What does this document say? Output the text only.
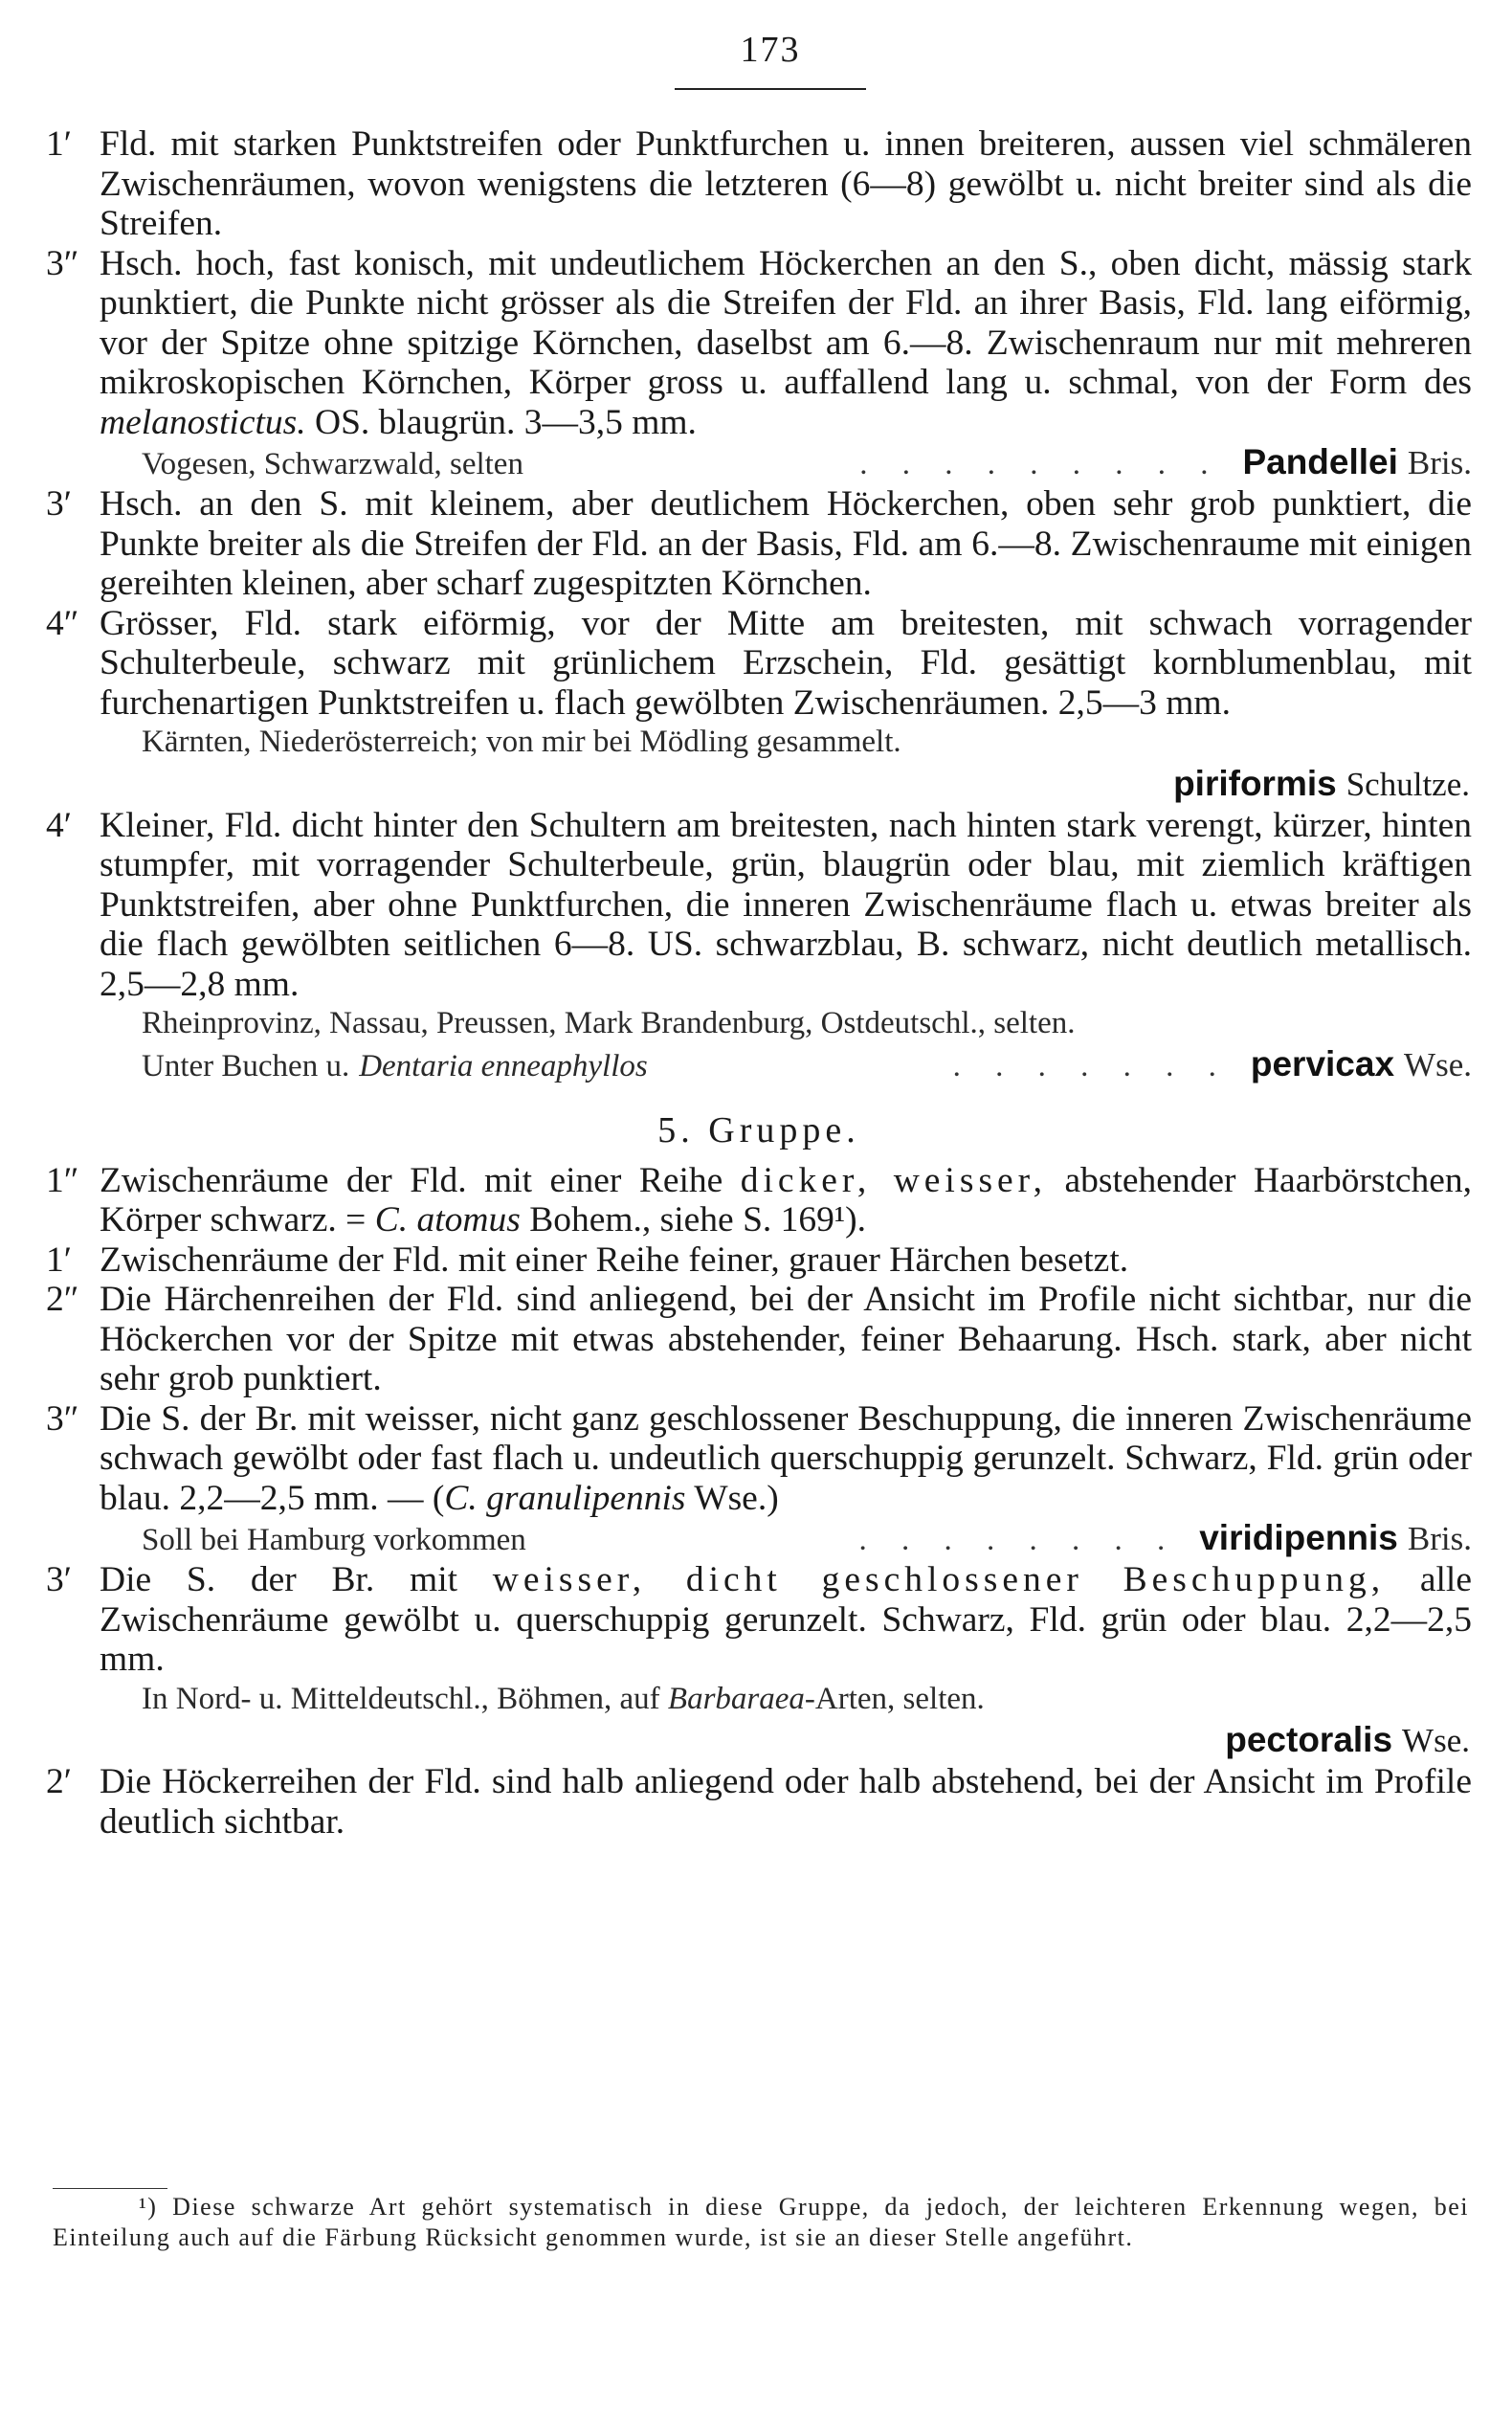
173
1′ Fld. mit starken Punktstreifen oder Punktfurchen u. innen breiteren, aussen viel schmäleren Zwischenräumen, wovon wenigstens die letzteren (6—8) gewölbt u. nicht breiter sind als die Streifen.
3″ Hsch. hoch, fast konisch, mit undeutlichem Höckerchen an den S., oben dicht, mässig stark punktiert, die Punkte nicht grösser als die Streifen der Fld. an ihrer Basis, Fld. lang eiförmig, vor der Spitze ohne spitzige Körnchen, daselbst am 6.—8. Zwischenraum nur mit mehreren mikroskopischen Körnchen, Körper gross u. auffallend lang u. schmal, von der Form des melanostictus. OS. blaugrün. 3—3,5 mm.
Vogesen, Schwarzwald, selten	. . . . . . . . . Pandellei Bris.
3′ Hsch. an den S. mit kleinem, aber deutlichem Höckerchen, oben sehr grob punktiert, die Punkte breiter als die Streifen der Fld. an der Basis, Fld. am 6.—8. Zwischenraume mit einigen gereihten kleinen, aber scharf zugespitzten Körnchen.
4″ Grösser, Fld. stark eiförmig, vor der Mitte am breitesten, mit schwach vorragender Schulterbeule, schwarz mit grünlichem Erzschein, Fld. gesättigt kornblumenblau, mit furchenartigen Punktstreifen u. flach gewölbten Zwischenräumen. 2,5—3 mm.
Kärnten, Niederösterreich; von mir bei Mödling gesammelt.
piriformis Schultze.
4′ Kleiner, Fld. dicht hinter den Schultern am breitesten, nach hinten stark verengt, kürzer, hinten stumpfer, mit vorragender Schulterbeule, grün, blaugrün oder blau, mit ziemlich kräftigen Punktstreifen, aber ohne Punktfurchen, die inneren Zwischenräume flach u. etwas breiter als die flach gewölbten seitlichen 6—8. US. schwarzblau, B. schwarz, nicht deutlich metallisch. 2,5—2,8 mm.
Rheinprovinz, Nassau, Preussen, Mark Brandenburg, Ostdeutschl., selten.
Unter Buchen u. Dentaria enneaphyllos	. . . . . . . pervicax Wse.
5. Gruppe.
1″ Zwischenräume der Fld. mit einer Reihe dicker, weisser, abstehender Haarbörstchen, Körper schwarz. = C. atomus Bohem., siehe S. 169¹).
1′ Zwischenräume der Fld. mit einer Reihe feiner, grauer Härchen besetzt.
2″ Die Härchenreihen der Fld. sind anliegend, bei der Ansicht im Profile nicht sichtbar, nur die Höckerchen vor der Spitze mit etwas abstehender, feiner Behaarung. Hsch. stark, aber nicht sehr grob punktiert.
3″ Die S. der Br. mit weisser, nicht ganz geschlossener Beschuppung, die inneren Zwischenräume schwach gewölbt oder fast flach u. undeutlich querschuppig gerunzelt. Schwarz, Fld. grün oder blau. 2,2—2,5 mm. — (C. granulipennis Wse.)
Soll bei Hamburg vorkommen	. . . . . . . . viridipennis Bris.
3′ Die S. der Br. mit weisser, dicht geschlossener Beschuppung, alle Zwischenräume gewölbt u. querschuppig gerunzelt. Schwarz, Fld. grün oder blau. 2,2—2,5 mm.
In Nord- u. Mitteldeutschl., Böhmen, auf Barbaraea-Arten, selten.
pectoralis Wse.
2′ Die Höckerreihen der Fld. sind halb anliegend oder halb abstehend, bei der Ansicht im Profile deutlich sichtbar.
¹) Diese schwarze Art gehört systematisch in diese Gruppe, da jedoch, der leichteren Erkennung wegen, bei Einteilung auch auf die Färbung Rücksicht genommen wurde, ist sie an dieser Stelle angeführt.
